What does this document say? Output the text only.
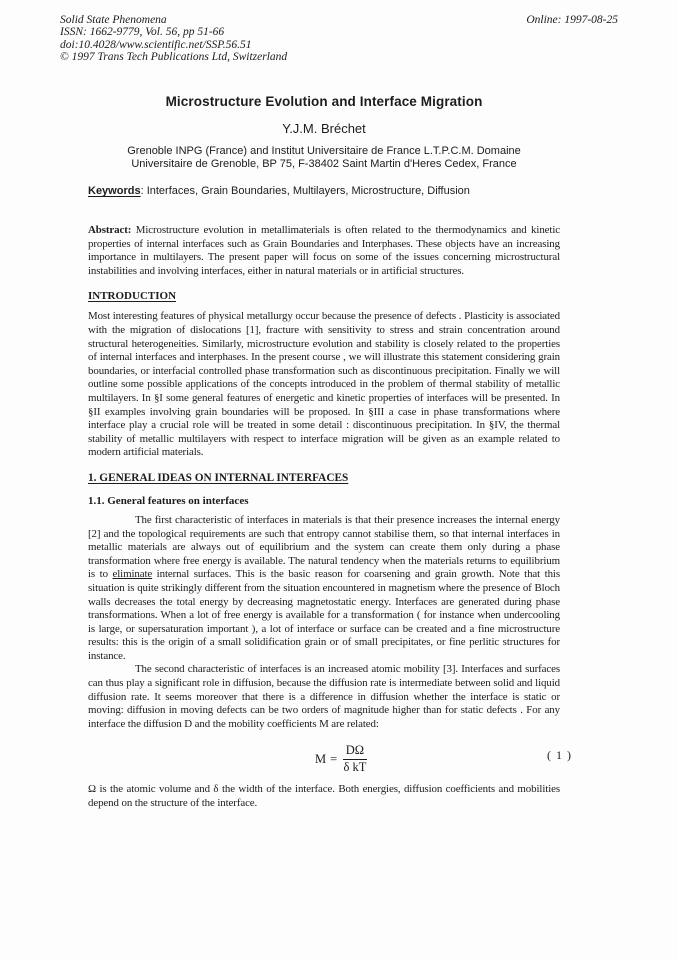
Solid State Phenomena
ISSN: 1662-9779, Vol. 56, pp 51-66
doi:10.4028/www.scientific.net/SSP.56.51
© 1997 Trans Tech Publications Ltd, Switzerland
Online: 1997-08-25
Microstructure Evolution and Interface Migration
Y.J.M. Bréchet
Grenoble INPG (France) and Institut Universitaire de France L.T.P.C.M. Domaine
Universitaire de Grenoble, BP 75, F-38402 Saint Martin d'Heres Cedex, France
Keywords: Interfaces, Grain Boundaries, Multilayers, Microstructure, Diffusion

Abstract: Microstructure evolution in metallimaterials is often related to the thermodynamics and kinetic properties of internal interfaces such as Grain Boundaries and Interphases. These objects have an increasing importance in multilayers. The present paper will focus on some of the issues concerning microstructural instabilities and involving interfaces, either in natural materials or in artificial structures.

INTRODUCTION

Most interesting features of physical metallurgy occur because the presence of defects . Plasticity is associated with the migration of dislocations [1], fracture with sensitivity to stress and strain concentration around structural heterogeneities. Similarly, microstructure evolution and stability is closely related to the properties of internal interfaces and interphases. In the present course , we will illustrate this statement considering grain boundaries, or interfacial controlled phase transformation such as discontinuous precipitation. Finally we will outline some possible applications of the concepts introduced in the problem of thermal stability of metallic multilayers. In §I some general features of energetic and kinetic properties of interfaces will be presented. In §II examples involving grain boundaries will be proposed. In §III a case in phase transformations where interface play a crucial role will be treated in some detail : discontinuous precipitation. In §IV, the thermal stability of metallic multilayers with respect to interface migration will be given as an example related to modern artificial materials.

1. GENERAL IDEAS ON INTERNAL INTERFACES

1.1. General features on interfaces

The first characteristic of interfaces in materials is that their presence increases the internal energy [2] and the topological requirements are such that entropy cannot stabilise them, so that internal interfaces in metallic materials are always out of equilibrium and the system can create them only during a phase transformation where free energy is available. The natural tendency when the materials returns to equilibrium is to eliminate internal surfaces. This is the basic reason for coarsening and grain growth. Note that this situation is quite strikingly different from the situation encountered in magnetism where the presence of Bloch walls decreases the total energy by decreasing magnetostatic energy. Interfaces are generated during phase transformations. When a lot of free energy is available for a transformation ( for instance when undercooling is large, or supersaturation important ), a lot of interface or surface can be created and a fine microstructure results: this is the origin of a small solidification grain or of small precipitates, or fine perlitic structures for instance.

The second characteristic of interfaces is an increased atomic mobility [3]. Interfaces and surfaces can thus play a significant role in diffusion, because the diffusion rate is intermediate between solid and liquid diffusion rate. It seems moreover that there is a difference in diffusion whether the interface is static or moving: diffusion in moving defects can be two orders of magnitude higher than for static defects . For any interface the diffusion D and the mobility coefficients M are related:

$M = \frac{D\Omega}{\text{δ kT}}$	( 1 )

Ω is the atomic volume and δ the width of the interface. Both energies, diffusion coefficients and mobilities depend on the structure of the interface.
